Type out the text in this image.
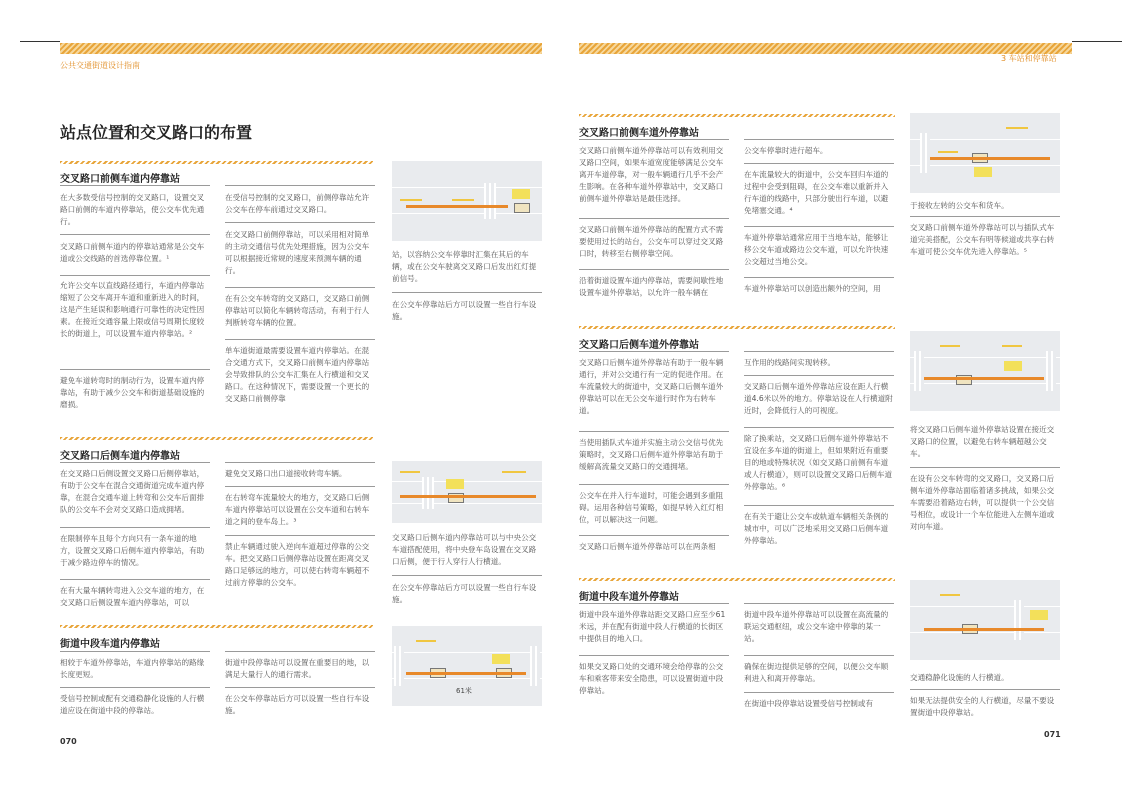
公共交通街道设计指南
站点位置和交叉路口的布置
交叉路口前侧车道内停靠站
在大多数受信号控制的交叉路口，设置交叉路口前侧的车道内停靠站，使公交车优先通行。
交叉路口前侧车道内的停靠站通常是公交车道或公交线路的首选停靠位置。¹
允许公交车以直线路径通行，车道内停靠站缩短了公交车离开车道和重新进入的时间，这是产生延误和影响通行可靠性的决定性因素。在接近交通容量上限或信号周期长度较长的街道上，可以设置车道内停靠站。²
避免车道转弯时的制动行为，设置车道内停靠站，有助于减少公交车和街道基础设施的磨损。
在受信号控制的交叉路口，前侧停靠站允许公交车在停车前通过交叉路口。
在交叉路口前侧停靠站，可以采用相对简单的主动交通信号优先处理措施，因为公交车可以根据接近常规的速度来预测车辆的通行。
在有公交车转弯的交叉路口，交叉路口前侧停靠站可以简化车辆转弯活动，有利于行人判断转弯车辆的位置。
单车道街道最需要设置车道内停靠站。在混合交通方式下，交叉路口前侧车道内停靠站会导致排队的公交车汇集在人行横道和交叉路口。在这种情况下，需要设置一个更长的交叉路口前侧停靠
站，以容纳公交车停靠时汇集在其后的车辆，或在公交车驶离交叉路口后发出红灯提前信号。
在公交车停靠站后方可以设置一些自行车设施。
交叉路口后侧车道内停靠站
在交叉路口后侧设置交叉路口后侧停靠站，有助于公交车在混合交通街道完成车道内停靠，在混合交通车道上转弯和公交车后面排队的公交车不会对交叉路口造成拥堵。
在限制停车且每个方向只有一条车道的地方，设置交叉路口后侧车道内停靠站，有助于减少路边停车的情况。
在有大量车辆转弯进入公交车道的地方，在交叉路口后侧设置车道内停靠站，可以
避免交叉路口出口道接收转弯车辆。
在右转弯车流量较大的地方，交叉路口后侧车道内停靠站可以设置在公交车道和右转车道之间的登车岛上。³
禁止车辆通过驶入逆向车道超过停靠的公交车。把交叉路口后侧停靠站设置在距离交叉路口足够远的地方，可以使右转弯车辆超不过前方停靠的公交车。
交叉路口后侧车道内停靠站可以与中央公交车道搭配使用，将中央登车岛设置在交叉路口后侧，便于行人穿行人行横道。
在公交车停靠站后方可以设置一些自行车设施。
街道中段车道内停靠站
相较于车道外停靠站，车道内停靠站的路缘长度更短。
受信号控制或配有交通稳静化设施的人行横道应设在街道中段的停靠站。
街道中段停靠站可以设置在重要目的地，以满足大量行人的通行需求。
在公交车停靠站后方可以设置一些自行车设施。
61米
070
3 车站和停靠站
交叉路口前侧车道外停靠站
交叉路口前侧车道外停靠站可以有效利用交叉路口空间，如果车道宽度能够满足公交车离开车道停靠，对一般车辆通行几乎不会产生影响。在各种车道外停靠站中，交叉路口前侧车道外停靠站是最佳选择。
交叉路口前侧车道外停靠站的配置方式不需要使用过长的站台，公交车可以穿过交叉路口时，转移至右侧停靠空间。
沿着街道设置车道内停靠站，需要间歇性地设置车道外停靠站，以允许一般车辆在
公交车停靠时进行超车。
在车流量较大的街道中，公交车回归车道的过程中会受到阻碍，在公交车难以重新并入行车道的线路中，只部分驶出行车道，以避免堵塞交通。⁴
车道外停靠站通常应用于当地车站，能够让移公交车道或路边公交车道，可以允许快速公交超过当地公交。
车道外停靠站可以创造出额外的空间，用
于接收左转的公交车和货车。
交叉路口前侧车道外停靠站可以与插队式车道完美搭配，公交车有明等候道或共享右转车道可使公交车优先进入停靠站。⁵
交叉路口后侧车道外停靠站
交叉路口后侧车道外停靠站有助于一般车辆通行，并对公交通行有一定的促进作用。在车流量较大的街道中，交叉路口后侧车道外停靠站可以在无公交车道行时作为右转车道。
当使用插队式车道并实施主动公交信号优先策略时，交叉路口后侧车道外停靠站有助于缓解高流量交叉路口的交通拥堵。
公交车在并入行车道时，可能会遇到多重阻碍。运用各种信号策略，如提早转入红灯相位，可以解决这一问题。
交叉路口后侧车道外停靠站可以在两条相
互作用的线路间实现转移。
交叉路口后侧车道外停靠站应设在距人行横道4.6米以外的地方。停靠站设在人行横道附近时，会降低行人的可视度。
除了换乘站，交叉路口后侧车道外停靠站不宜设在多车道的街道上，但如果附近有重要目的地或特殊状况（如交叉路口前侧有车道或人行横道），则可以设置交叉路口后侧车道外停靠站。⁶
在有关于避让公交车或轨道车辆相关条例的城市中，可以广泛地采用交叉路口后侧车道外停靠站。
将交叉路口后侧车道外停靠站设置在接近交叉路口的位置，以避免右转车辆超越公交车。
在设有公交车转弯的交叉路口，交叉路口后侧车道外停靠站面临着诸多挑战，如果公交车需要沿着路边右转，可以提供一个公交信号相位，或设计一个车位能进入左侧车道或对向车道。
街道中段车道外停靠站
街道中段车道外停靠站距交叉路口应至少61米远，并在配有街道中段人行横道的长街区中提供目的地入口。
如果交叉路口处的交通环境会给停靠的公交车和乘客带来安全隐患，可以设置街道中段停靠站。
街道中段车道外停靠站可以设置在高流量的联运交通枢纽，或公交车途中停靠的某一站。
确保在街边提供足够的空间，以便公交车顺利进入和离开停靠站。
在街道中段停靠站设置受信号控制或有
交通稳静化设施的人行横道。
如果无法提供安全的人行横道，尽量不要设置街道中段停靠站。
071
